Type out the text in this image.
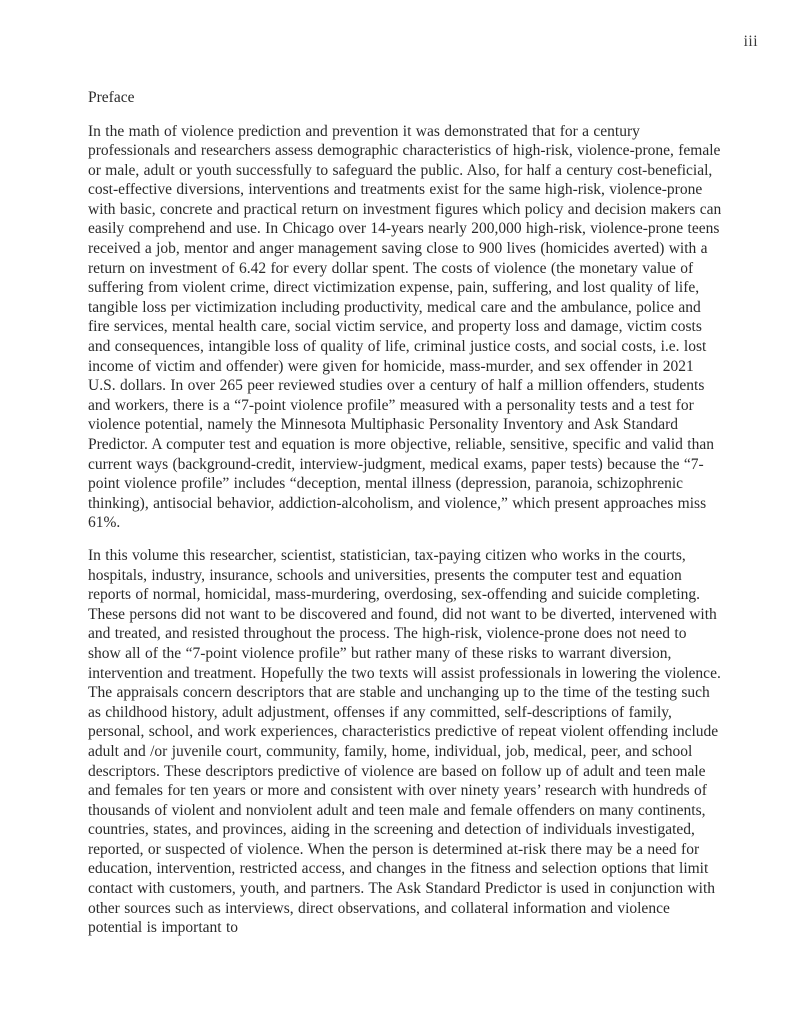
iii
Preface

In the math of violence prediction and prevention it was demonstrated that for a century professionals and researchers assess demographic characteristics of high-risk, violence-prone, female or male, adult or youth successfully to safeguard the public. Also, for half a century cost-beneficial, cost-effective diversions, interventions and treatments exist for the same high-risk, violence-prone with basic, concrete and practical return on investment figures which policy and decision makers can easily comprehend and use. In Chicago over 14-years nearly 200,000 high-risk, violence-prone teens received a job, mentor and anger management saving close to 900 lives (homicides averted) with a return on investment of 6.42 for every dollar spent. The costs of violence (the monetary value of suffering from violent crime, direct victimization expense, pain, suffering, and lost quality of life, tangible loss per victimization including productivity, medical care and the ambulance, police and fire services, mental health care, social victim service, and property loss and damage, victim costs and consequences, intangible loss of quality of life, criminal justice costs, and social costs, i.e. lost income of victim and offender) were given for homicide, mass-murder, and sex offender in 2021 U.S. dollars. In over 265 peer reviewed studies over a century of half a million offenders, students and workers, there is a “7-point violence profile” measured with a personality tests and a test for violence potential, namely the Minnesota Multiphasic Personality Inventory and Ask Standard Predictor. A computer test and equation is more objective, reliable, sensitive, specific and valid than current ways (background-credit, interview-judgment, medical exams, paper tests) because the “7-point violence profile” includes “deception, mental illness (depression, paranoia, schizophrenic thinking), antisocial behavior, addiction-alcoholism, and violence,” which present approaches miss 61%.

In this volume this researcher, scientist, statistician, tax-paying citizen who works in the courts, hospitals, industry, insurance, schools and universities, presents the computer test and equation reports of normal, homicidal, mass-murdering, overdosing, sex-offending and suicide completing. These persons did not want to be discovered and found, did not want to be diverted, intervened with and treated, and resisted throughout the process. The high-risk, violence-prone does not need to show all of the “7-point violence profile” but rather many of these risks to warrant diversion, intervention and treatment. Hopefully the two texts will assist professionals in lowering the violence. The appraisals concern descriptors that are stable and unchanging up to the time of the testing such as childhood history, adult adjustment, offenses if any committed, self-descriptions of family, personal, school, and work experiences, characteristics predictive of repeat violent offending include adult and /or juvenile court, community, family, home, individual, job, medical, peer, and school descriptors. These descriptors predictive of violence are based on follow up of adult and teen male and females for ten years or more and consistent with over ninety years’ research with hundreds of thousands of violent and nonviolent adult and teen male and female offenders on many continents, countries, states, and provinces, aiding in the screening and detection of individuals investigated, reported, or suspected of violence. When the person is determined at-risk there may be a need for education, intervention, restricted access, and changes in the fitness and selection options that limit contact with customers, youth, and partners. The Ask Standard Predictor is used in conjunction with other sources such as interviews, direct observations, and collateral information and violence potential is important to
